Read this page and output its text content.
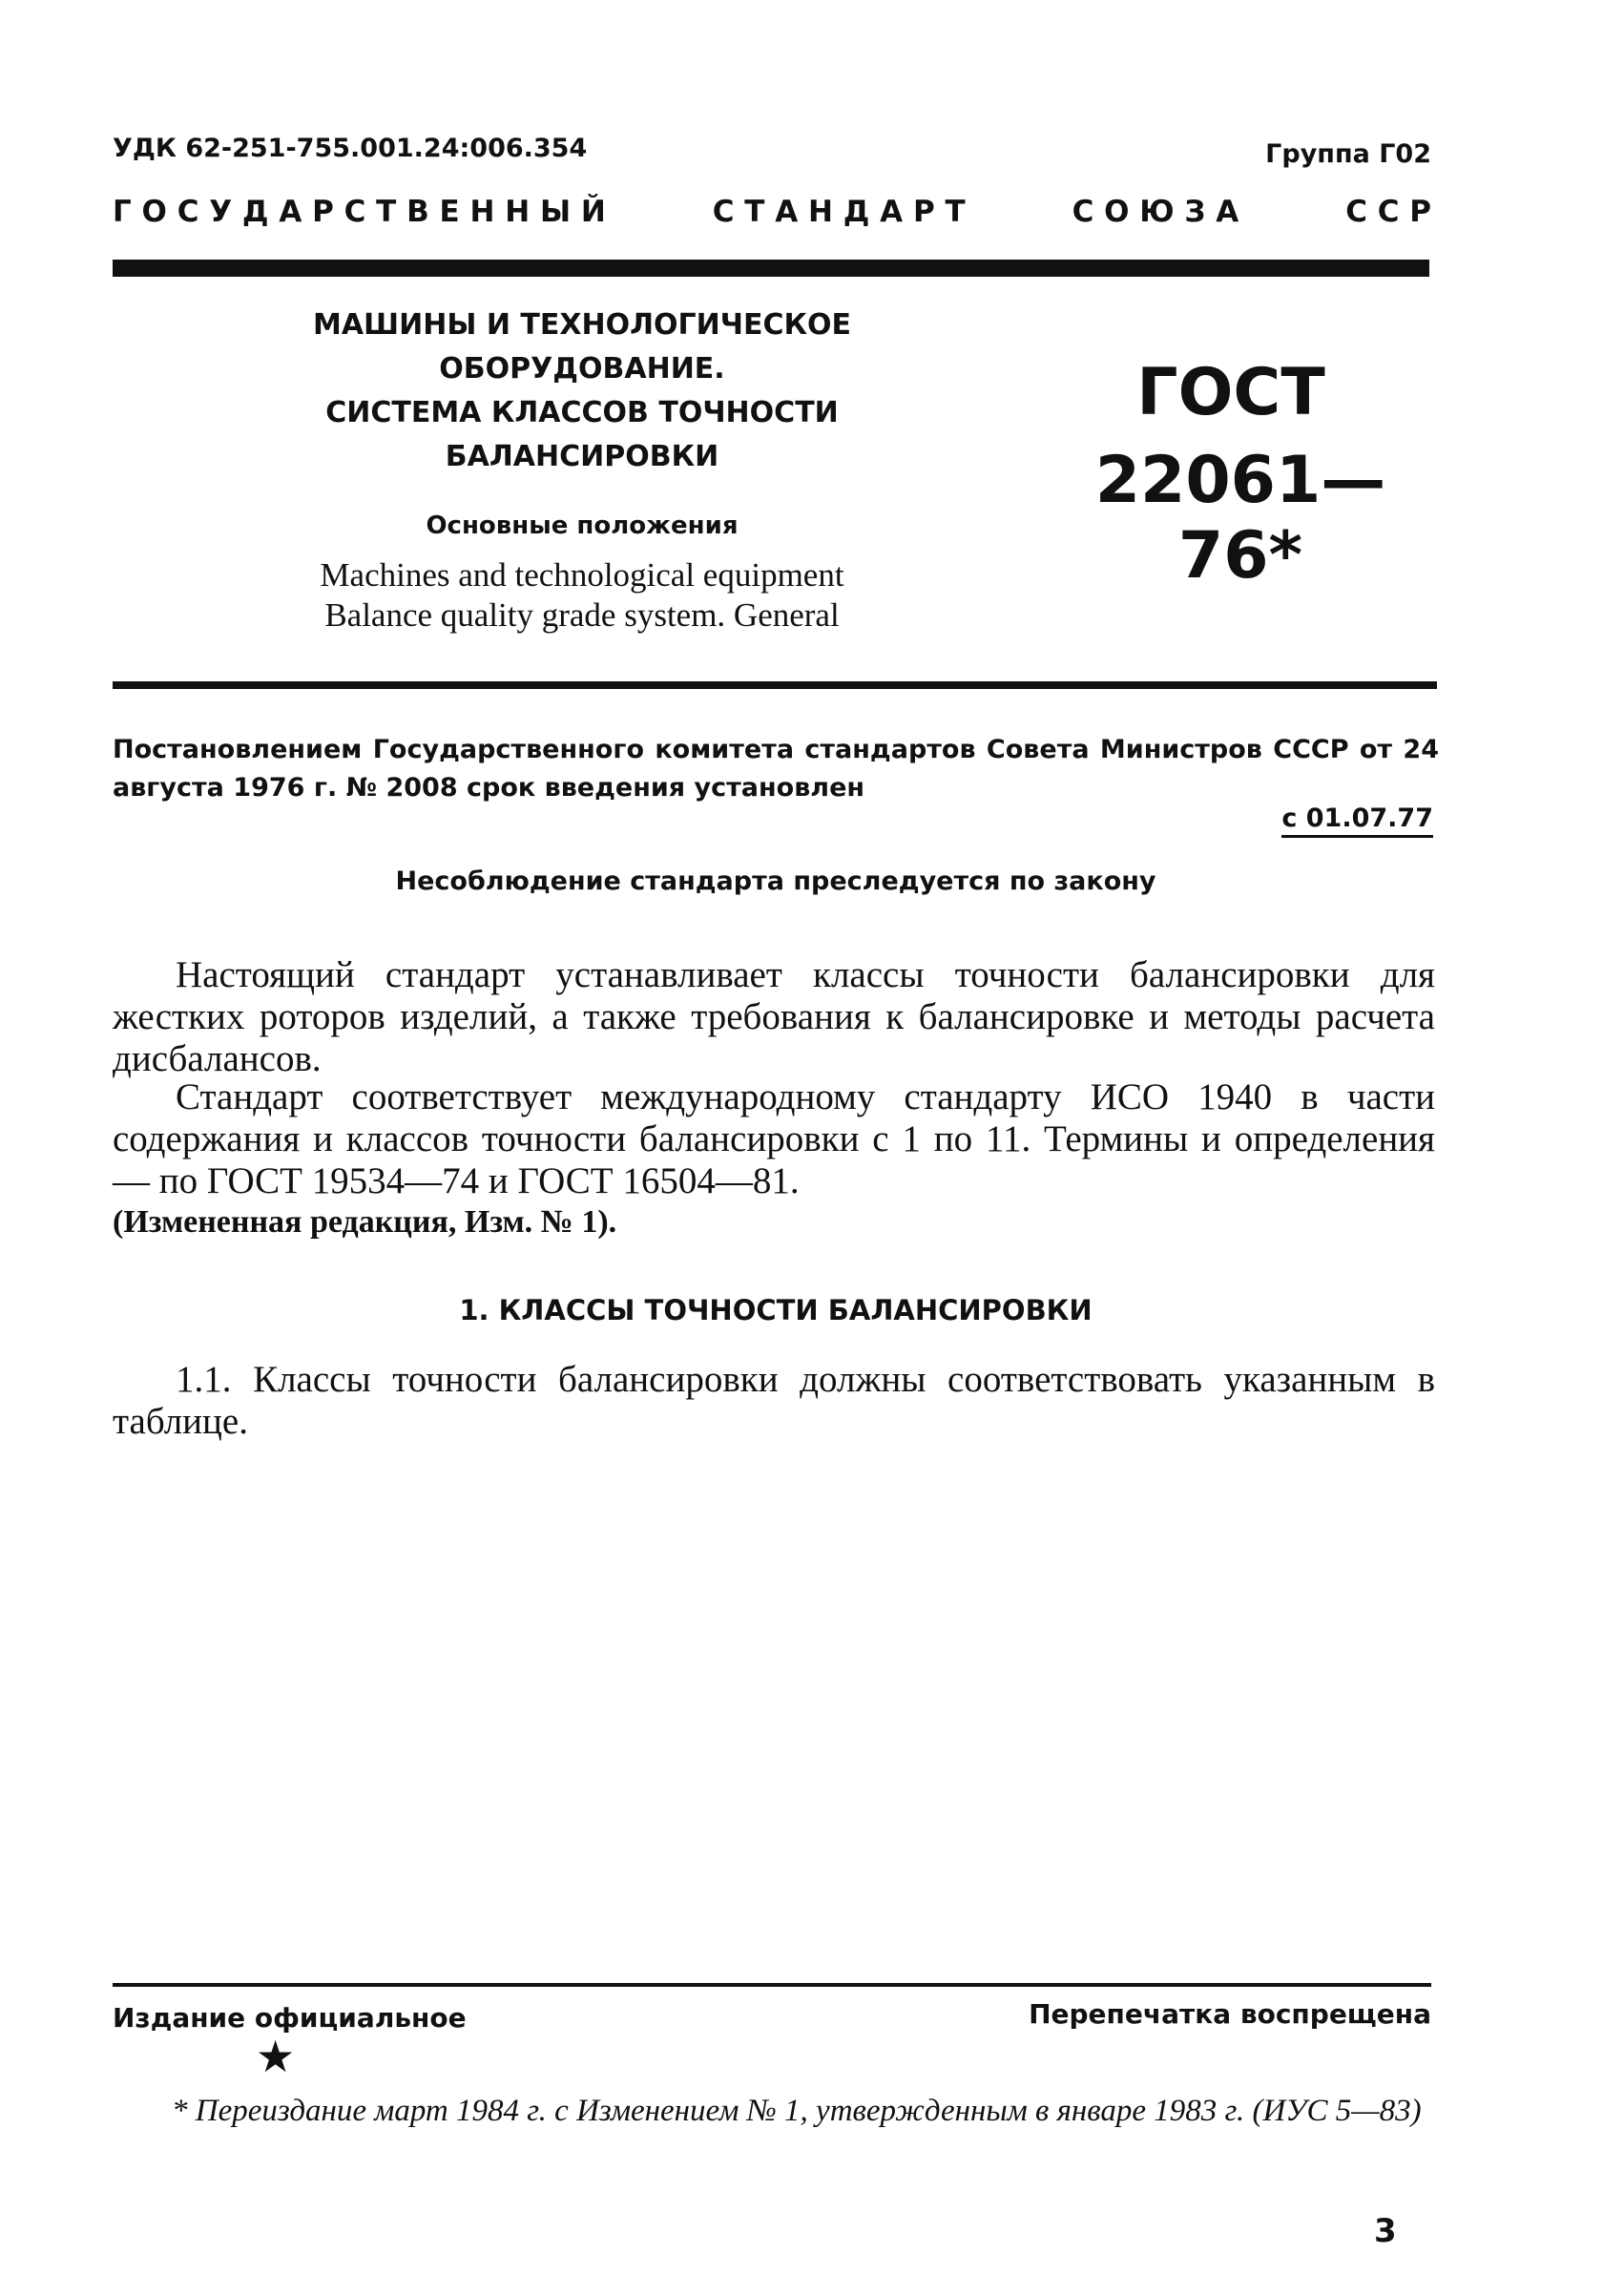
УДК 62-251-755.001.24:006.354	Группа Г02
Г О С У Д А Р С Т В Е Н Н Ы Й	С Т А Н Д А Р Т	С О Ю З А	С С Р
МАШИНЫ И ТЕХНОЛОГИЧЕСКОЕ
ОБОРУДОВАНИЕ.
СИСТЕМА КЛАССОВ ТОЧНОСТИ
БАЛАНСИРОВКИ
Основные положения
Machines and technological equipment
Balance quality grade system. General
ГОСТ
22061—76*
Постановлением Государственного комитета стандартов Совета Министров СССР от 24 августа 1976 г. № 2008 срок введения установлен
с 01.07.77
Несоблюдение стандарта преследуется по закону
Настоящий стандарт устанавливает классы точности балансировки для жестких роторов изделий, а также требования к балансировке и методы расчета дисбалансов.
Стандарт соответствует международному стандарту ИСО 1940 в части содержания и классов точности балансировки с 1 по 11. Термины и определения — по ГОСТ 19534—74 и ГОСТ 16504—81.
(Измененная редакция, Изм. № 1).
1. КЛАССЫ ТОЧНОСТИ БАЛАНСИРОВКИ
1.1. Классы точности балансировки должны соответствовать указанным в таблице.
Издание официальное	Перепечатка воспрещена
★
* Переиздание март 1984 г. с Изменением № 1, утвержденным в январе 1983 г. (ИУС 5—83)
3
